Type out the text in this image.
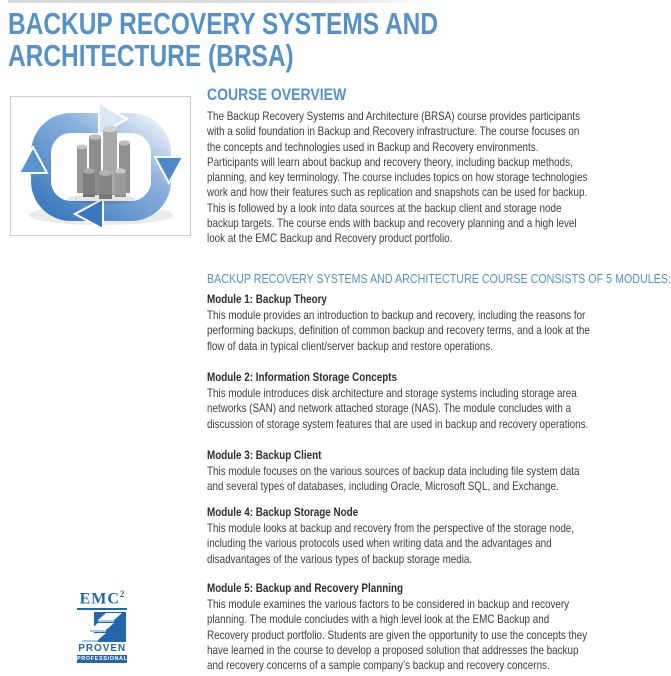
BACKUP RECOVERY SYSTEMS AND
ARCHITECTURE (BRSA)
COURSE OVERVIEW

The Backup Recovery Systems and Architecture (BRSA) course provides participants with a solid foundation in Backup and Recovery infrastructure. The course focuses on the concepts and technologies used in Backup and Recovery environments. Participants will learn about backup and recovery theory, including backup methods, planning, and key terminology. The course includes topics on how storage technologies work and how their features such as replication and snapshots can be used for backup. This is followed by a look into data sources at the backup client and storage node backup targets. The course ends with backup and recovery planning and a high level look at the EMC Backup and Recovery product portfolio.

BACKUP RECOVERY SYSTEMS AND ARCHITECTURE COURSE CONSISTS OF 5 MODULES:
Module 1: Backup Theory

This module provides an introduction to backup and recovery, including the reasons for performing backups, definition of common backup and recovery terms, and a look at the flow of data in typical client/server backup and restore operations.

Module 2: Information Storage Concepts

This module introduces disk architecture and storage systems including storage area networks (SAN) and network attached storage (NAS). The module concludes with a discussion of storage system features that are used in backup and recovery operations.

Module 3: Backup Client

This module focuses on the various sources of backup data including file system data and several types of databases, including Oracle, Microsoft SQL, and Exchange.

Module 4: Backup Storage Node

This module looks at backup and recovery from the perspective of the storage node, including the various protocols used when writing data and the advantages and disadvantages of the various types of backup storage media.

Module 5: Backup and Recovery Planning

This module examines the various factors to be considered in backup and recovery planning. The module concludes with a high level look at the EMC Backup and Recovery product portfolio. Students are given the opportunity to use the concepts they have learned in the course to develop a proposed solution that addresses the backup and recovery concerns of a sample company’s backup and recovery concerns.

EMC$^2$
PROVEN
PROFESSIONAL
